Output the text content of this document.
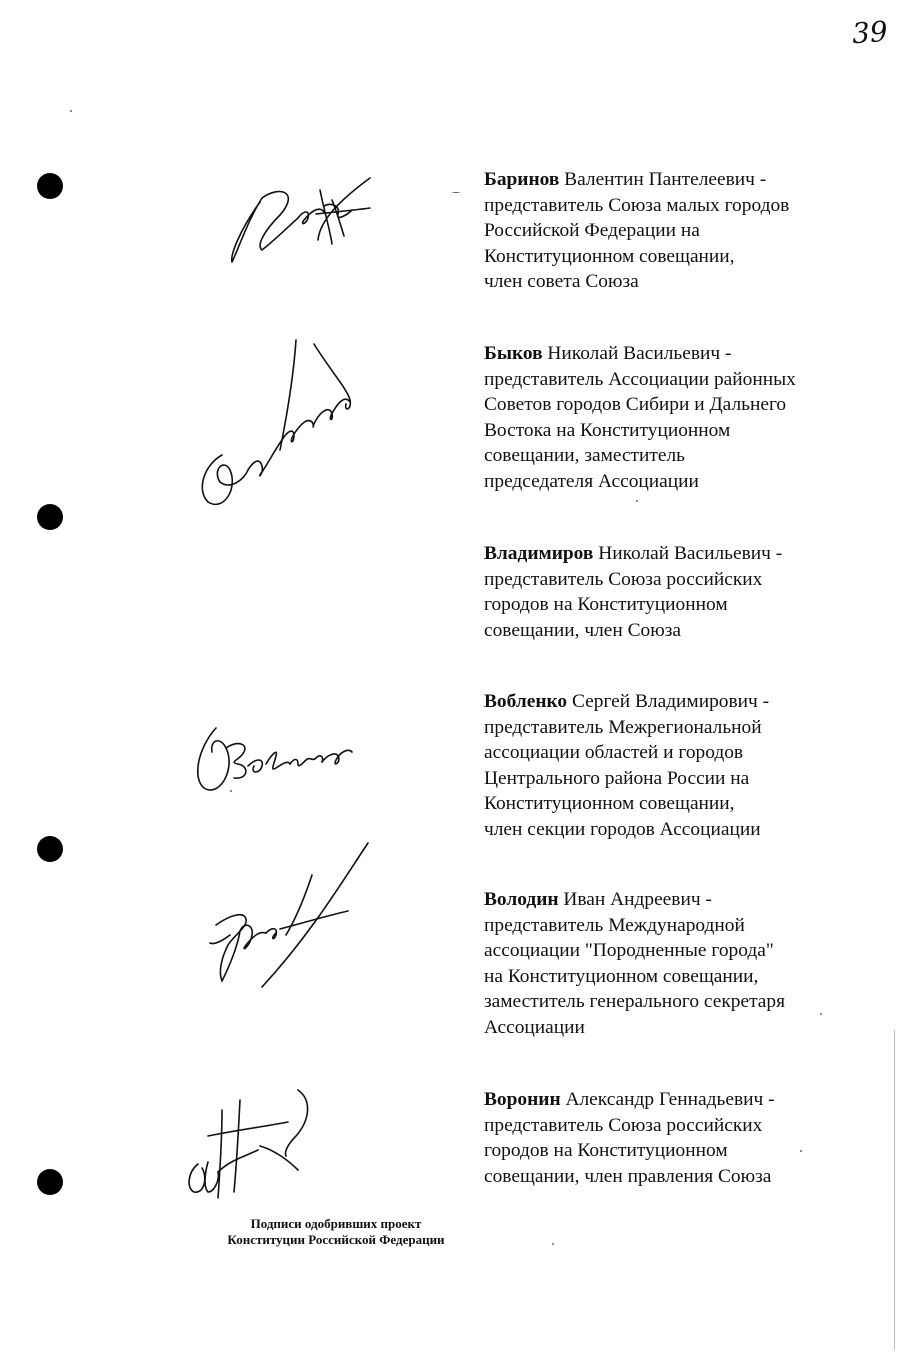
39
Баринов Валентин Пантелеевич -
представитель Союза малых городов
Российской Федерации на
Конституционном совещании,
член совета Союза
Быков Николай Васильевич -
представитель Ассоциации районных
Советов городов Сибири и Дальнего
Востока на Конституционном
совещании, заместитель
председателя Ассоциации
Владимиров Николай Васильевич -
представитель Союза российских
городов на Конституционном
совещании, член Союза
Вобленко Сергей Владимирович -
представитель Межрегиональной
ассоциации областей и городов
Центрального района России на
Конституционном совещании,
член секции городов Ассоциации
Володин Иван Андреевич -
представитель Международной
ассоциации "Породненные города"
на Конституционном совещании,
заместитель генерального секретаря
Ассоциации
Воронин Александр Геннадьевич -
представитель Союза российских
городов на Конституционном
совещании, член правления Союза
Подписи одобривших проект
Конституции Российской Федерации
